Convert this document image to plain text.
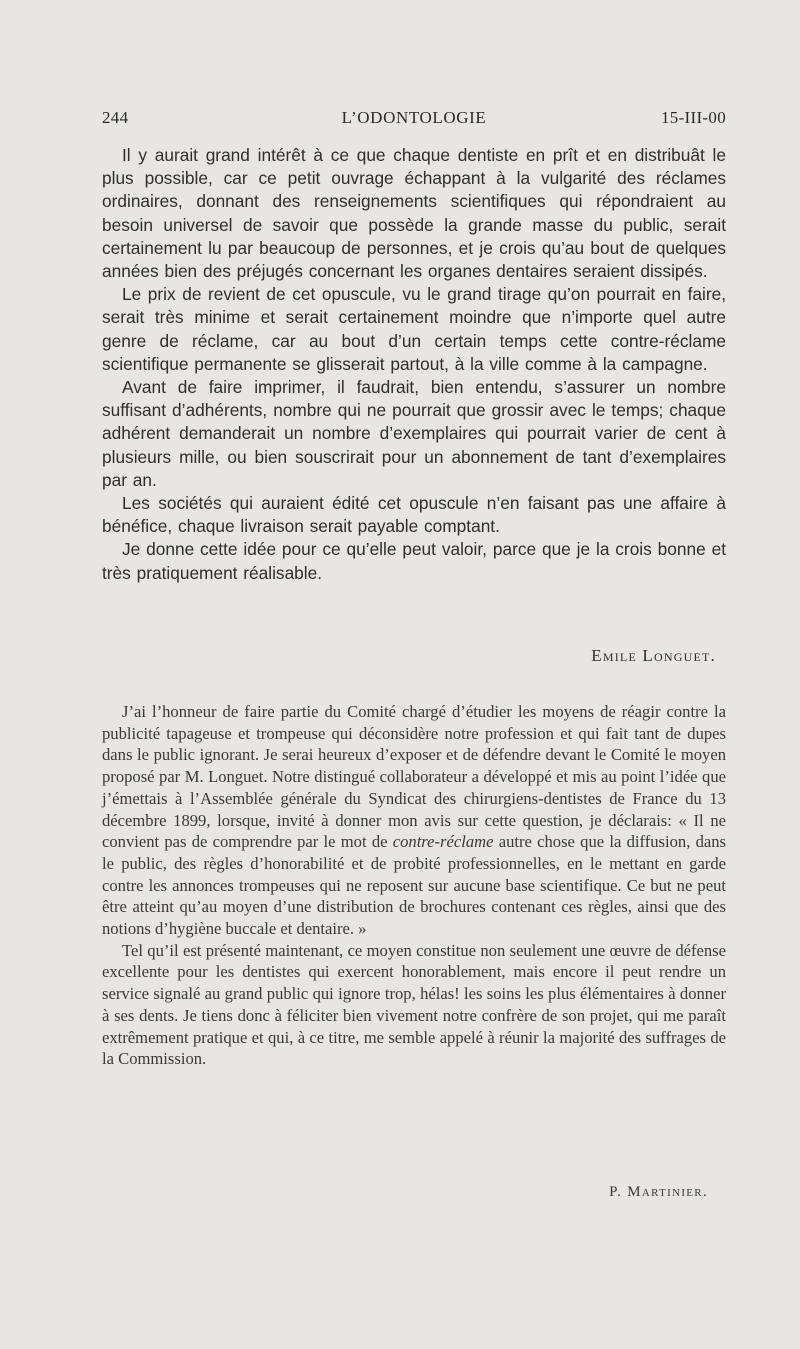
244	L’ODONTOLOGIE	15-III-00

Il y aurait grand intérêt à ce que chaque dentiste en prît et en distribuât le plus possible, car ce petit ouvrage échappant à la vulgarité des réclames ordinaires, donnant des renseignements scientifiques qui répondraient au besoin universel de savoir que possède la grande masse du public, serait certainement lu par beaucoup de personnes, et je crois qu’au bout de quelques années bien des préjugés concernant les organes dentaires seraient dissipés.

Le prix de revient de cet opuscule, vu le grand tirage qu’on pourrait en faire, serait très minime et serait certainement moindre que n’importe quel autre genre de réclame, car au bout d’un certain temps cette contre-réclame scientifique permanente se glisserait partout, à la ville comme à la campagne.

Avant de faire imprimer, il faudrait, bien entendu, s’assurer un nombre suffisant d’adhérents, nombre qui ne pourrait que grossir avec le temps; chaque adhérent demanderait un nombre d’exemplaires qui pourrait varier de cent à plusieurs mille, ou bien souscrirait pour un abonnement de tant d’exemplaires par an.

Les sociétés qui auraient édité cet opuscule n’en faisant pas une affaire à bénéfice, chaque livraison serait payable comptant.

Je donne cette idée pour ce qu’elle peut valoir, parce que je la crois bonne et très pratiquement réalisable.

Emile Longuet.

J’ai l’honneur de faire partie du Comité chargé d’étudier les moyens de réagir contre la publicité tapageuse et trompeuse qui déconsidère notre profession et qui fait tant de dupes dans le public ignorant. Je serai heureux d’exposer et de défendre devant le Comité le moyen proposé par M. Longuet. Notre distingué collaborateur a développé et mis au point l’idée que j’émettais à l’Assemblée générale du Syndicat des chirurgiens-dentistes de France du 13 décembre 1899, lorsque, invité à donner mon avis sur cette question, je déclarais: « Il ne convient pas de comprendre par le mot de contre-réclame autre chose que la diffusion, dans le public, des règles d’honorabilité et de probité professionnelles, en le mettant en garde contre les annonces trompeuses qui ne reposent sur aucune base scientifique. Ce but ne peut être atteint qu’au moyen d’une distribution de brochures contenant ces règles, ainsi que des notions d’hygiène buccale et dentaire. »

Tel qu’il est présenté maintenant, ce moyen constitue non seulement une œuvre de défense excellente pour les dentistes qui exercent honorablement, mais encore il peut rendre un service signalé au grand public qui ignore trop, hélas! les soins les plus élémentaires à donner à ses dents. Je tiens donc à féliciter bien vivement notre confrère de son projet, qui me paraît extrêmement pratique et qui, à ce titre, me semble appelé à réunir la majorité des suffrages de la Commission.

P. Martinier.
